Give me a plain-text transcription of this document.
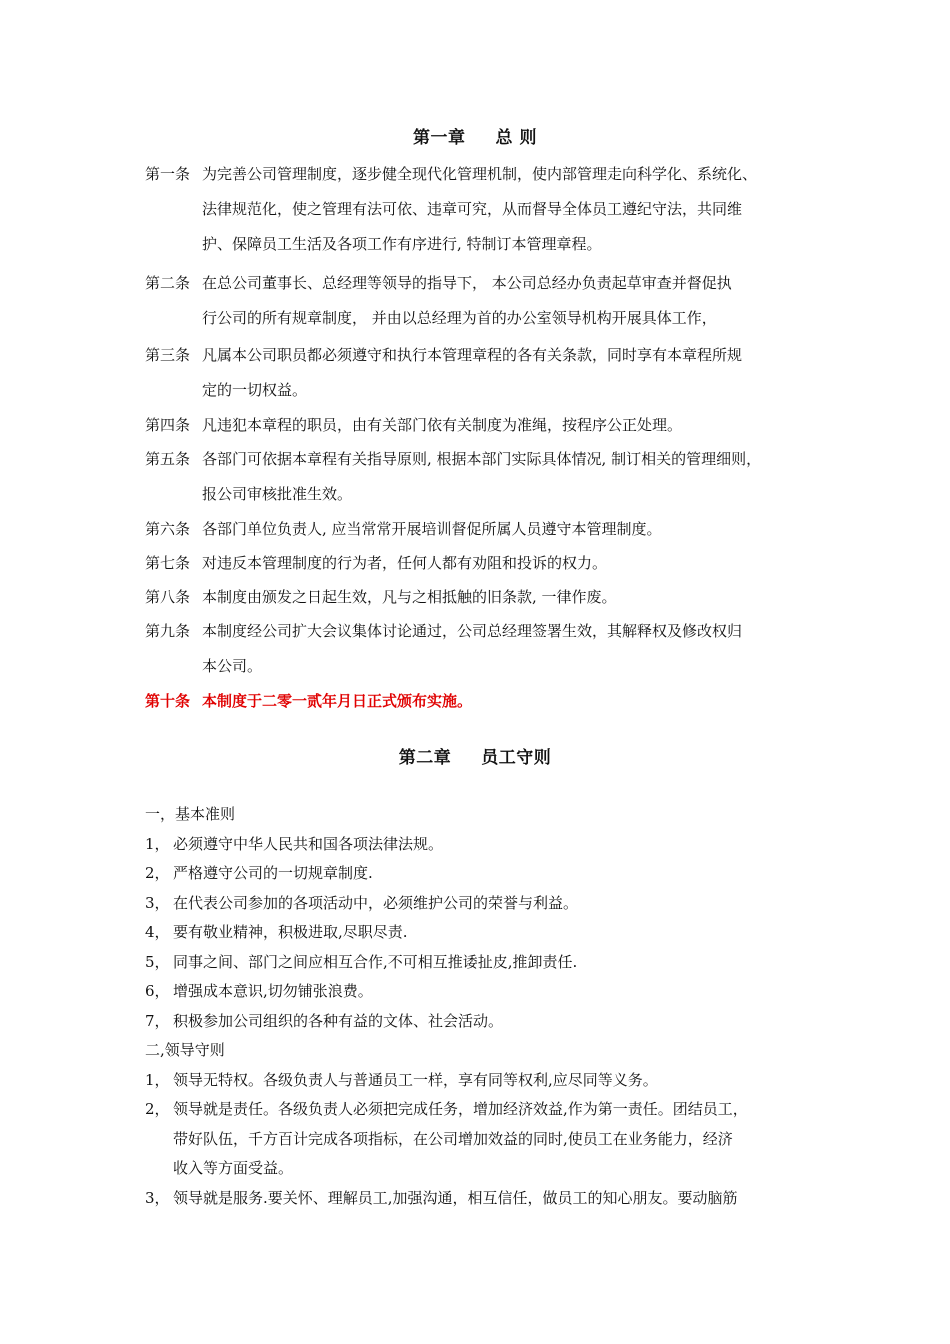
第一章 总 则
第一条 为完善公司管理制度，逐步健全现代化管理机制，使内部管理走向科学化、系统化、
法律规范化，使之管理有法可依、违章可究，从而督导全体员工遵纪守法，共同维
护、保障员工生活及各项工作有序进行, 特制订本管理章程。
第二条 在总公司董事长、总经理等领导的指导下， 本公司总经办负责起草审查并督促执
行公司的所有规章制度， 并由以总经理为首的办公室领导机构开展具体工作，
第三条 凡属本公司职员都必须遵守和执行本管理章程的各有关条款，同时享有本章程所规
定的一切权益。
第四条 凡违犯本章程的职员，由有关部门依有关制度为准绳，按程序公正处理。
第五条 各部门可依据本章程有关指导原则, 根据本部门实际具体情况, 制订相关的管理细则，
报公司审核批准生效。
第六条 各部门单位负责人, 应当常常开展培训督促所属人员遵守本管理制度。
第七条 对违反本管理制度的行为者，任何人都有劝阻和投诉的权力。
第八条 本制度由颁发之日起生效，凡与之相抵触的旧条款, 一律作废。
第九条 本制度经公司扩大会议集体讨论通过，公司总经理签署生效，其解释权及修改权归
本公司。
第十条 本制度于二零一贰年月日正式颁布实施。
第二章 员工守则
一，基本准则
1， 必须遵守中华人民共和国各项法律法规。
2， 严格遵守公司的一切规章制度.
3， 在代表公司参加的各项活动中，必须维护公司的荣誉与利益。
4， 要有敬业精神，积极进取,尽职尽责.
5， 同事之间、部门之间应相互合作,不可相互推诿扯皮,推卸责任.
6， 增强成本意识,切勿铺张浪费。
7， 积极参加公司组织的各种有益的文体、社会活动。
二,领导守则
1， 领导无特权。各级负责人与普通员工一样，享有同等权利,应尽同等义务。
2， 领导就是责任。各级负责人必须把完成任务，增加经济效益,作为第一责任。团结员工，
带好队伍，千方百计完成各项指标，在公司增加效益的同时,使员工在业务能力，经济
收入等方面受益。
3， 领导就是服务.要关怀、理解员工,加强沟通，相互信任，做员工的知心朋友。要动脑筋
